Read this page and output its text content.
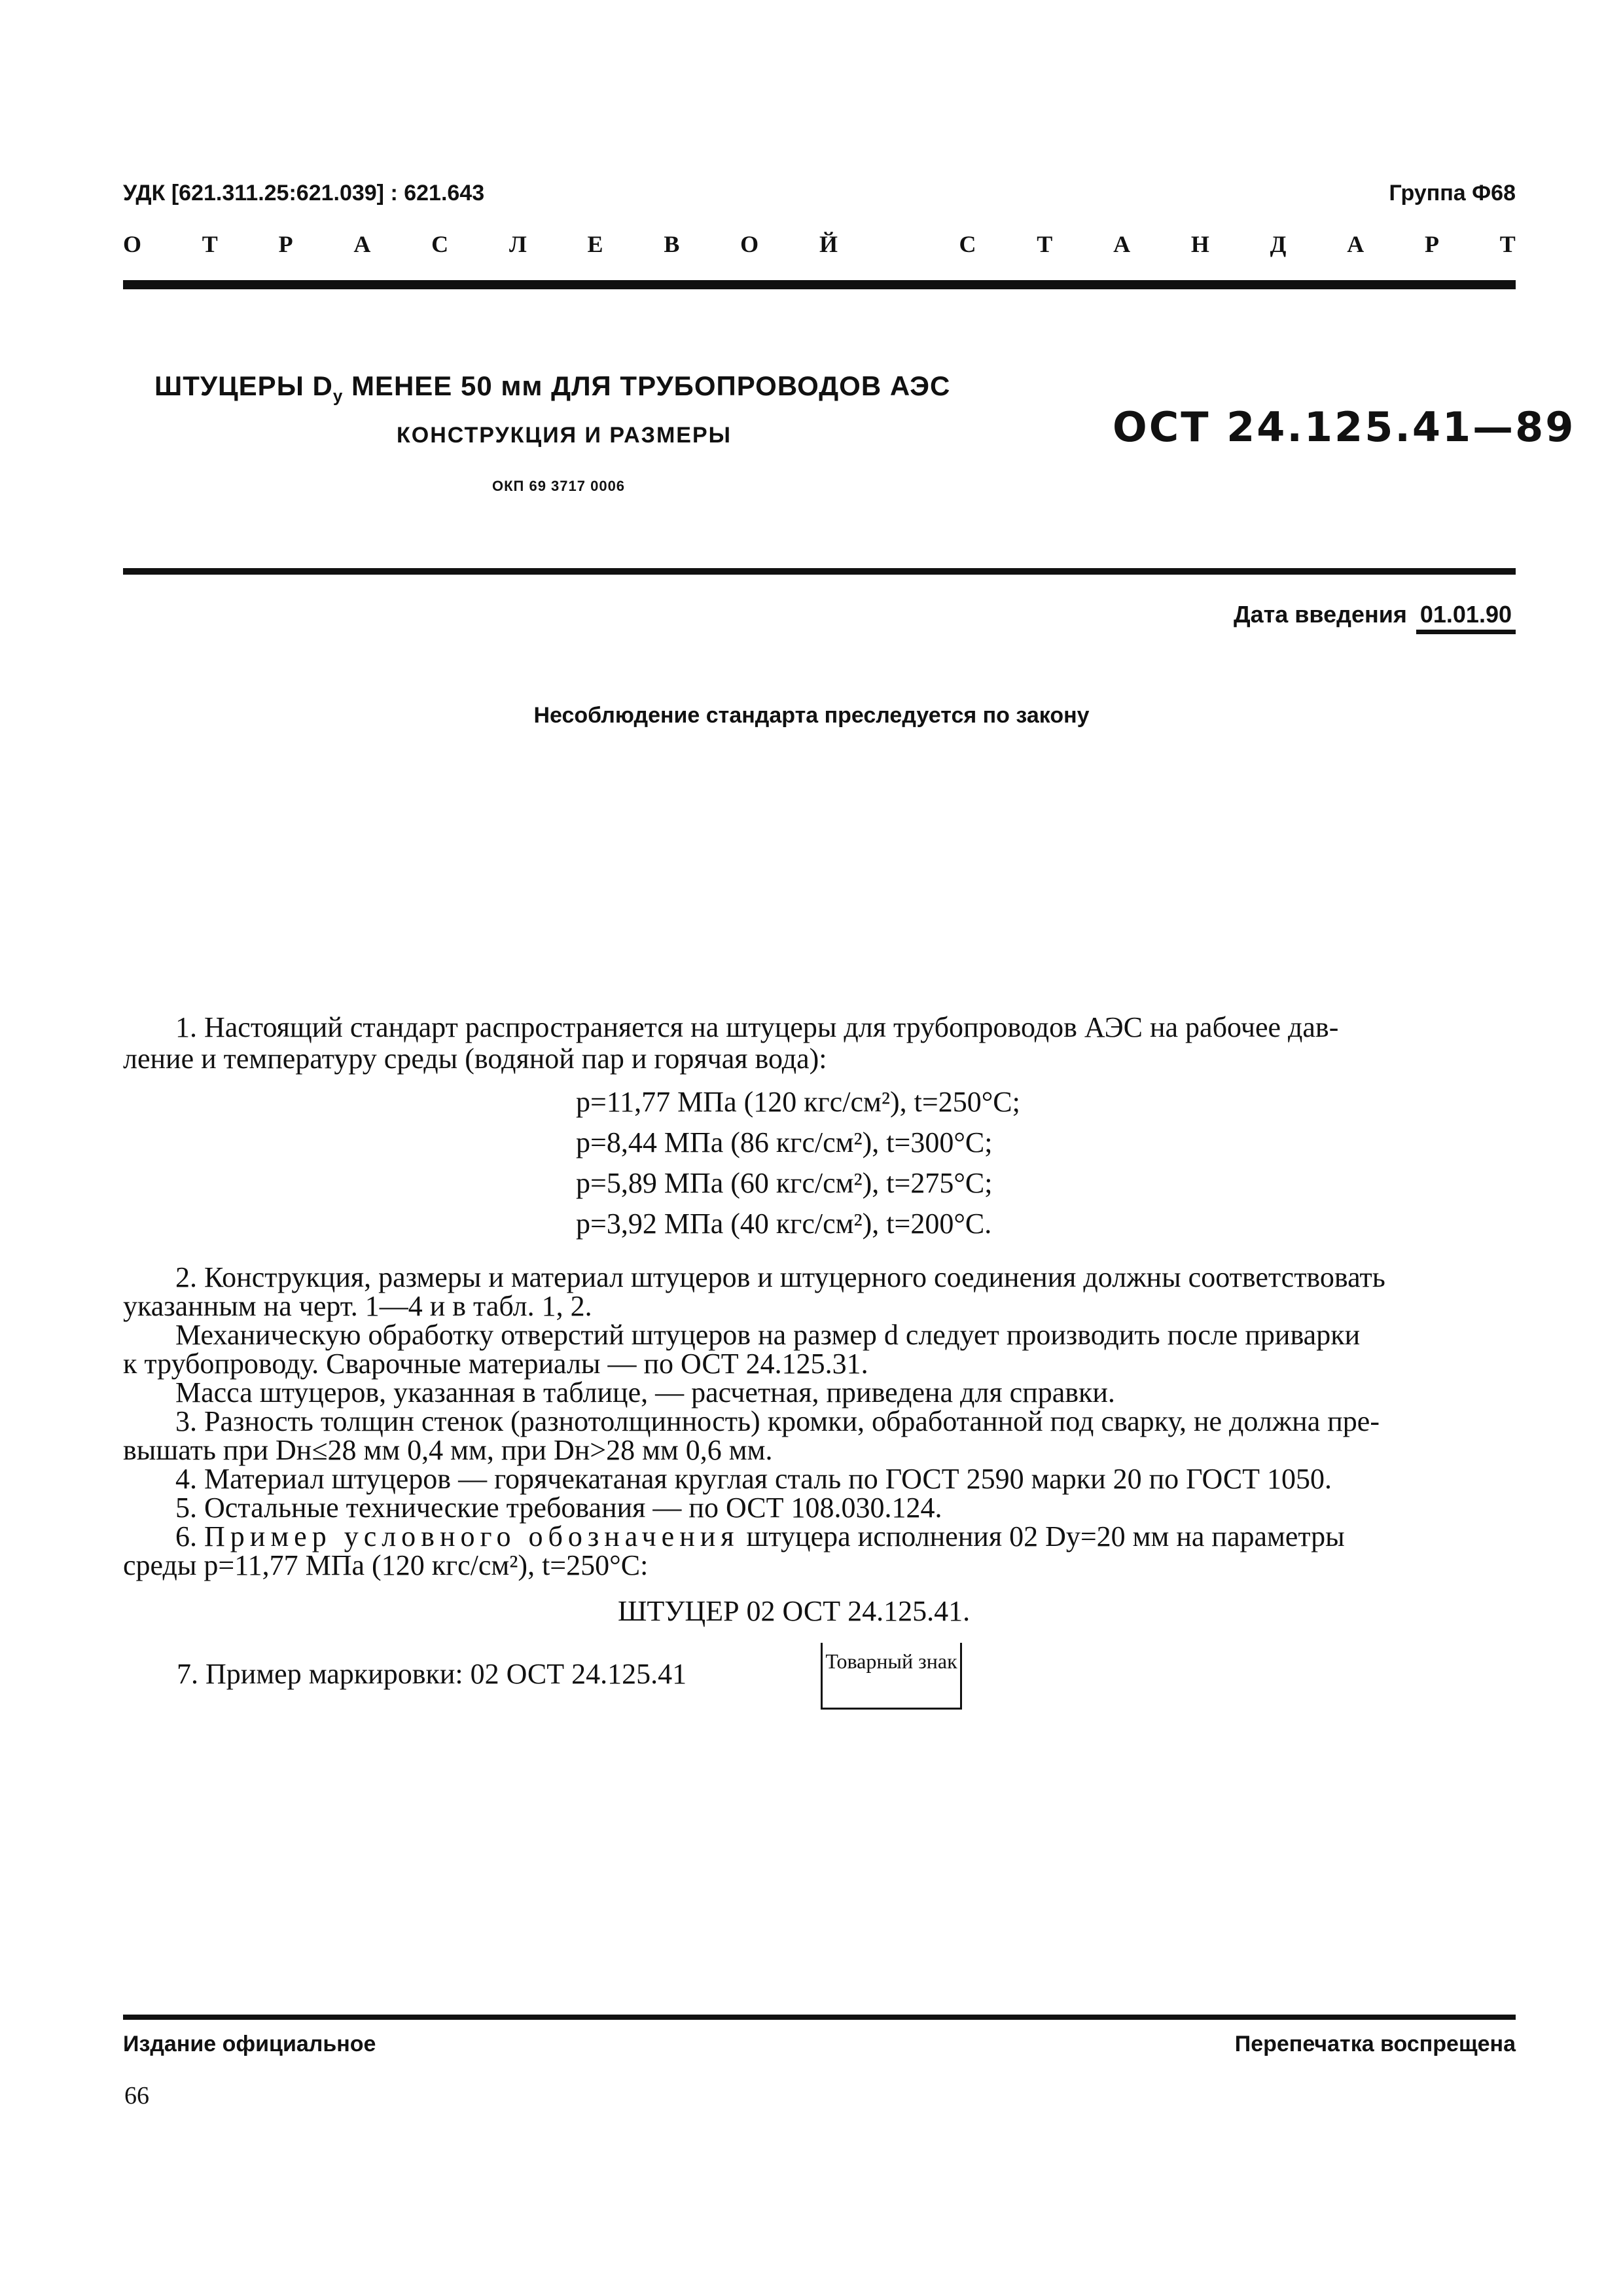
УДК [621.311.25:621.039] : 621.643	Группа Ф68
О	Т	Р	А	С	Л	Е	В	О	Й	С	Т	А	Н	Д	А	Р	Т
ШТУЦЕРЫ $D_у$ МЕНЕЕ 50 мм ДЛЯ ТРУБОПРОВОДОВ АЭС
КОНСТРУКЦИЯ И РАЗМЕРЫ
ОКП 69 3717 0006
ОСТ 24.125.41—89
Дата введения 01.01.90
Несоблюдение стандарта преследуется по закону
1. Настоящий стандарт распространяется на штуцеры для трубопроводов АЭС на рабочее дав-
ление и температуру среды (водяной пар и горячая вода):
p=11,77 МПа (120 кгс/см²), t=250°С;
p=8,44 МПа (86 кгс/см²), t=300°С;
p=5,89 МПа (60 кгс/см²), t=275°С;
p=3,92 МПа (40 кгс/см²), t=200°С.
2. Конструкция, размеры и материал штуцеров и штуцерного соединения должны соответствовать
указанным на черт. 1—4 и в табл. 1, 2.
Механическую обработку отверстий штуцеров на размер d следует производить после приварки
к трубопроводу. Сварочные материалы — по ОСТ 24.125.31.
Масса штуцеров, указанная в таблице, — расчетная, приведена для справки.
3. Разность толщин стенок (разнотолщинность) кромки, обработанной под сварку, не должна пре-
вышать при Dн≤28 мм 0,4 мм, при Dн>28 мм 0,6 мм.
4. Материал штуцеров — горячекатаная круглая сталь по ГОСТ 2590 марки 20 по ГОСТ 1050.
5. Остальные технические требования — по ОСТ 108.030.124.
6. Пример условного обозначения штуцера исполнения 02 Dу=20 мм на параметры
среды p=11,77 МПа (120 кгс/см²), t=250°С:
ШТУЦЕР 02 ОСТ 24.125.41.
7. Пример маркировки: 02 ОСТ 24.125.41	Товарный знак
Издание официальное	Перепечатка воспрещена
66
